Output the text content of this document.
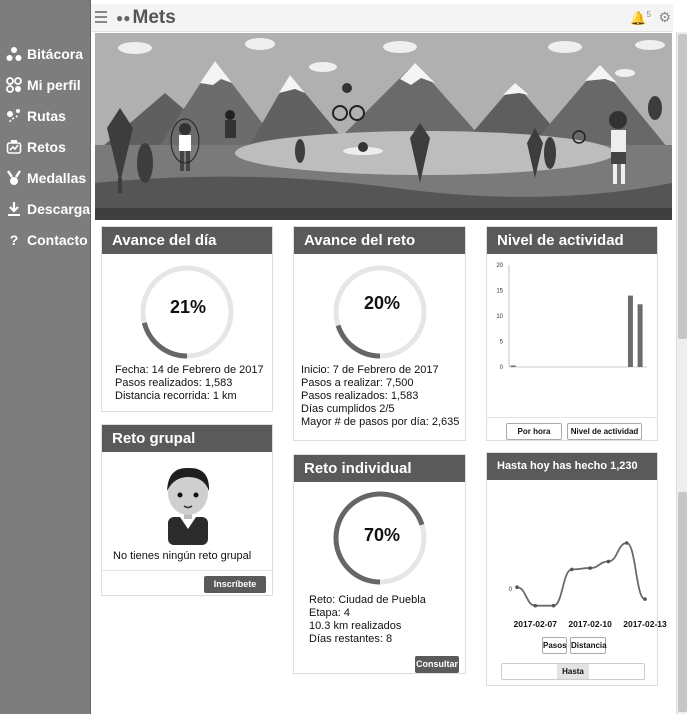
Bitácora
Mi perfil
Rutas
Retos
Medallas
Descarga
? Contacto
●● Mets	🔔$^5$ ⚙
Avance del día
21%
Fecha: 14 de Febrero de 2017
Pasos realizados: 1,583
Distancia recorrida: 1 km
Avance del reto básico
20%
Inicio: 7 de Febrero de 2017
Pasos a realizar: 7,500
Pasos realizados: 1,583
Días cumplidos 2/5
Mayor # de pasos por día: 2,635
Nivel de actividad
20
15
10
5
0
Por hora	Nivel de actividad
Reto grupal
No tienes ningún reto grupal
Inscríbete
Reto individual
70%
Reto: Ciudad de Puebla
Etapa: 4
10.3 km realizados
Días restantes: 8
Consultar
Hasta hoy has hecho 1,230
0
2017-02-07 2017-02-10 2017-02-13
Pasos Distancia
Hasta
